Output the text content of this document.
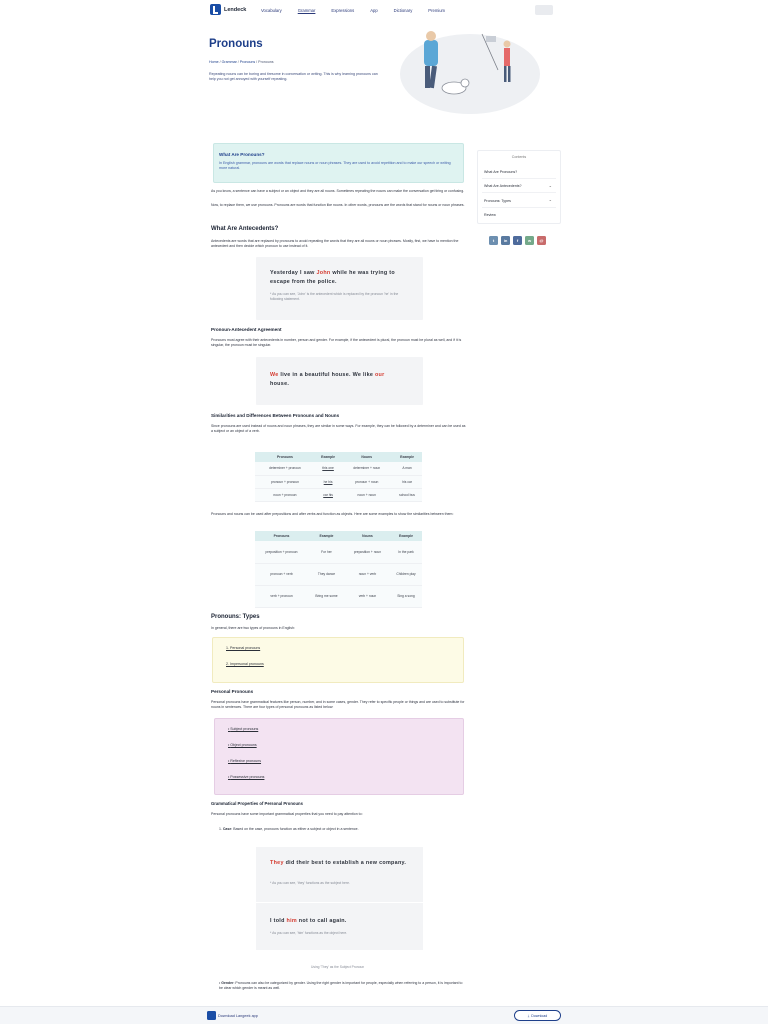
Lendeck	Vocabulary	Grammar	Expressions	App	Dictionary	Premium
Pronouns
Home / Grammar / Pronouns / Pronouns

Repeating nouns can be boring and tiresome in conversation or writing. This is why learning pronouns can help you not get annoyed with yourself repeating.

Contents
What Are Pronouns?
What Are Antecedents?	⌄
Pronouns: Types	⌄
Review
t	in	f	w	@
What Are Pronouns?

In English grammar, pronouns are words that replace nouns or noun phrases. They are used to avoid repetition and to make our speech or writing more natural.

As you know, a sentence can have a subject or an object and they are all nouns. Sometimes repeating the nouns can make the conversation get tiring or confusing.

Now, to replace them, we use pronouns. Pronouns are words that function like nouns. In other words, pronouns are the words that stand for nouns or noun phrases.

What Are Antecedents?

Antecedents are words that are replaced by pronouns to avoid repeating the words that they are all nouns or noun phrases. Mostly, first, we have to mention the antecedent and then decide which pronoun to use instead of it.

Yesterday I saw John while he was trying to escape from the police.
* As you can see, 'John' is the antecedent which is replaced by the pronoun 'he' in the following statement.
Pronoun-Antecedent Agreement

Pronouns must agree with their antecedents in number, person and gender. For example, if the antecedent is plural, the pronoun must be plural as well, and if it is singular, the pronoun must be singular.

We live in a beautiful house. We like our house.
Similarities and Differences Between Pronouns and Nouns

Since pronouns are used instead of nouns and noun phrases, they are similar in some ways. For example, they can be followed by a determiner and can be used as a subject or an object of a verb.

Pronouns	Example	Nouns	Example
determiner + pronoun	this one	determiner + noun	A man
pronoun + pronoun	he his	pronoun + noun	his car
noun + pronoun	car his	noun + noun	school bus

Pronouns and nouns can be used after prepositions and after verbs and function as objects. Here are some examples to show the similarities between them:

Pronouns	Example	Nouns	Example
preposition + pronoun	For her	preposition + noun	In the park
pronoun + verb	They dance	noun + verb	Children play
verb + pronoun	Bring me some	verb + noun	Sing a song
Pronouns: Types

In general, there are two types of pronouns in English:

1. Personal pronouns
2. Impersonal pronouns
Personal Pronouns

Personal pronouns have grammatical features like person, number, and in some cases, gender. They refer to specific people or things and are used to substitute for nouns in sentences. There are four types of personal pronouns as listed below:

• Subject pronouns
• Object pronouns
• Reflexive pronouns
• Possessive pronouns
Grammatical Properties of Personal Pronouns

Personal pronouns have some important grammatical properties that you need to pay attention to:

1. Case: Based on the case, pronouns function as either a subject or object in a sentence.

They did their best to establish a new company.
* As you can see, 'they' functions as the subject here.
I told him not to call again.
* As you can see, 'him' functions as the object here.
Using 'They' as the Subject Pronoun

• Gender: Pronouns can also be categorized by gender. Using the right gender is important for people, especially when referring to a person, it is important to be clear which gender is meant as well.

Download Langeek app	⤓ Download
